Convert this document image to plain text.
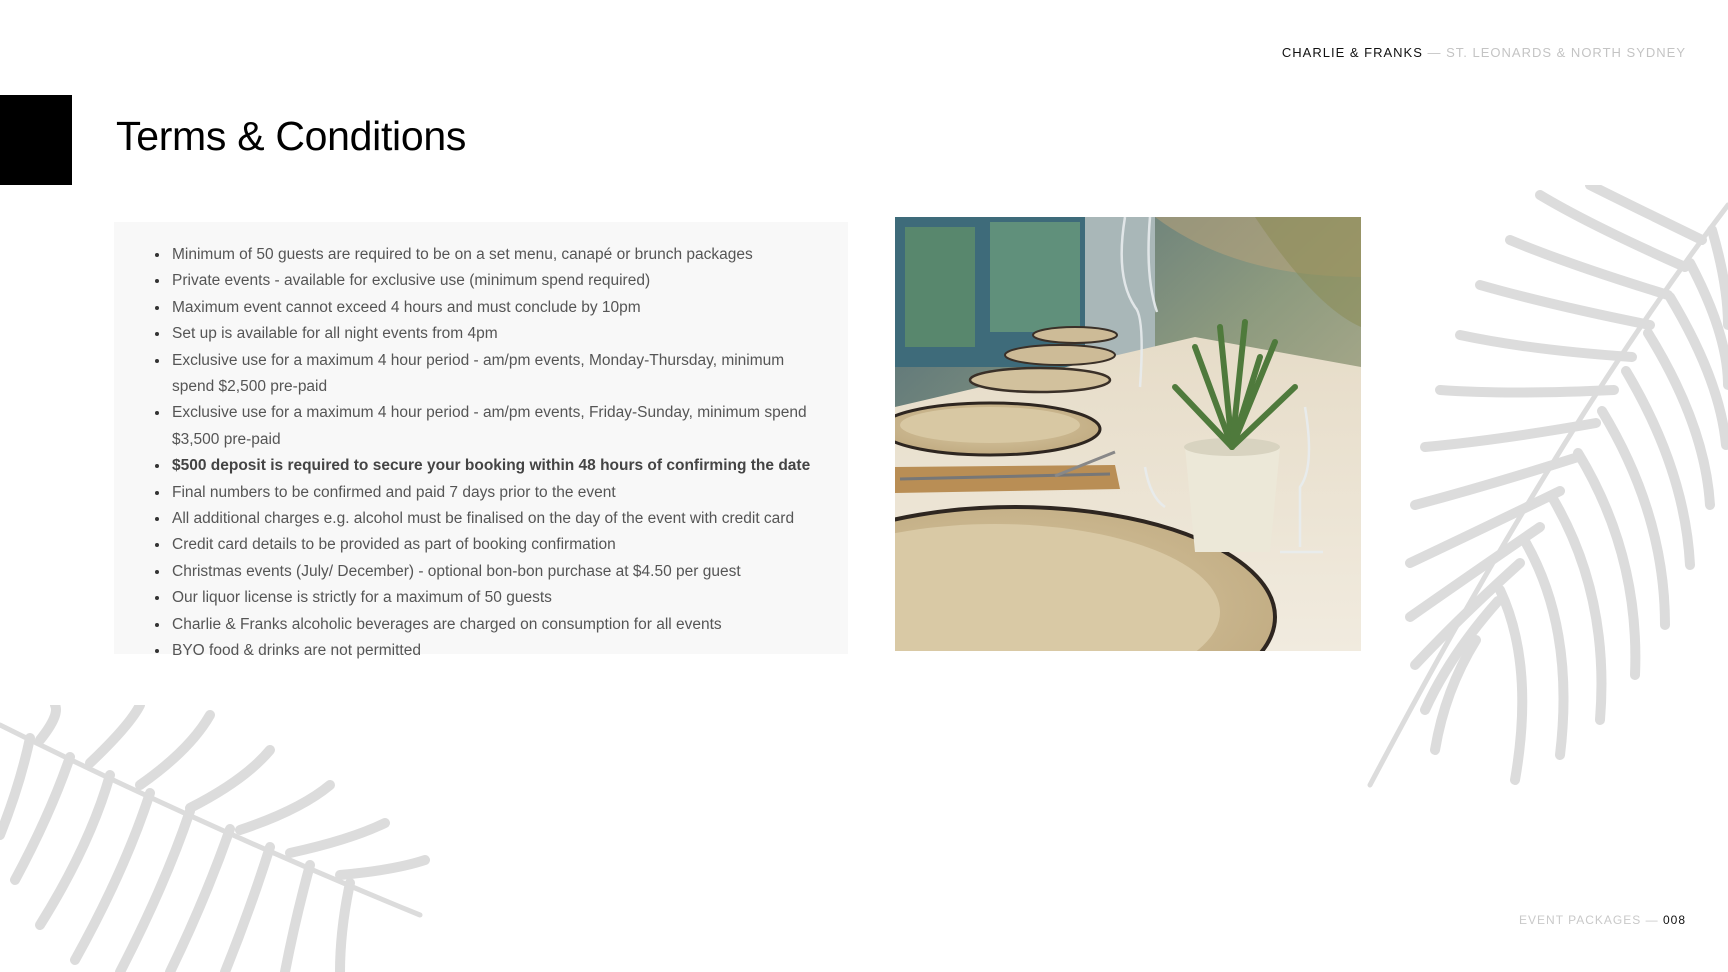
CHARLIE & FRANKS — ST. LEONARDS & NORTH SYDNEY
Terms & Conditions
• Minimum of 50 guests are required to be on a set menu, canapé or brunch packages
• Private events - available for exclusive use (minimum spend required)
• Maximum event cannot exceed 4 hours and must conclude by 10pm
• Set up is available for all night events from 4pm
• Exclusive use for a maximum 4 hour period - am/pm events, Monday-Thursday, minimum spend $2,500 pre-paid
• Exclusive use for a maximum 4 hour period - am/pm events, Friday-Sunday, minimum spend $3,500 pre-paid
• $500 deposit is required to secure your booking within 48 hours of confirming the date
• Final numbers to be confirmed and paid 7 days prior to the event
• All additional charges e.g. alcohol must be finalised on the day of the event with credit card
• Credit card details to be provided as part of booking confirmation
• Christmas events (July/ December) - optional bon-bon purchase at $4.50 per guest
• Our liquor license is strictly for a maximum of 50 guests
• Charlie & Franks alcoholic beverages are charged on consumption for all events
• BYO food & drinks are not permitted
EVENT PACKAGES — 008
